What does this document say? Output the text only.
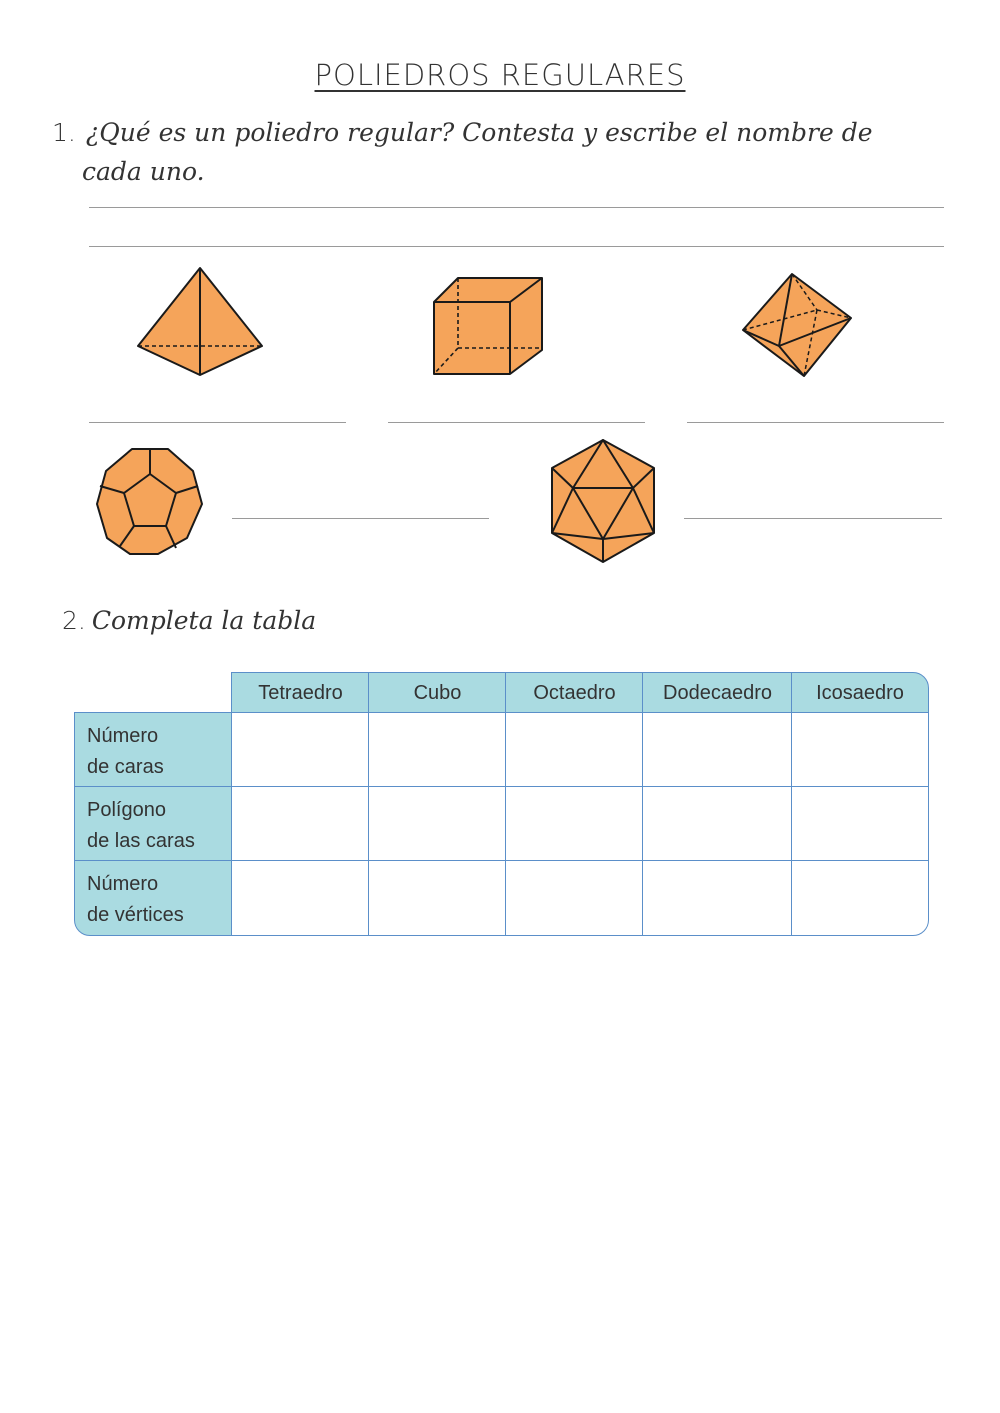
POLIEDROS REGULARES
1. ¿Qué es un poliedro regular? Contesta y escribe el nombre de
cada uno.
2. Completa la tabla
Tetraedro	Cubo	Octaedro	Dodecaedro	Icosaedro
Número
de caras
Polígono
de las caras
Número
de vértices
